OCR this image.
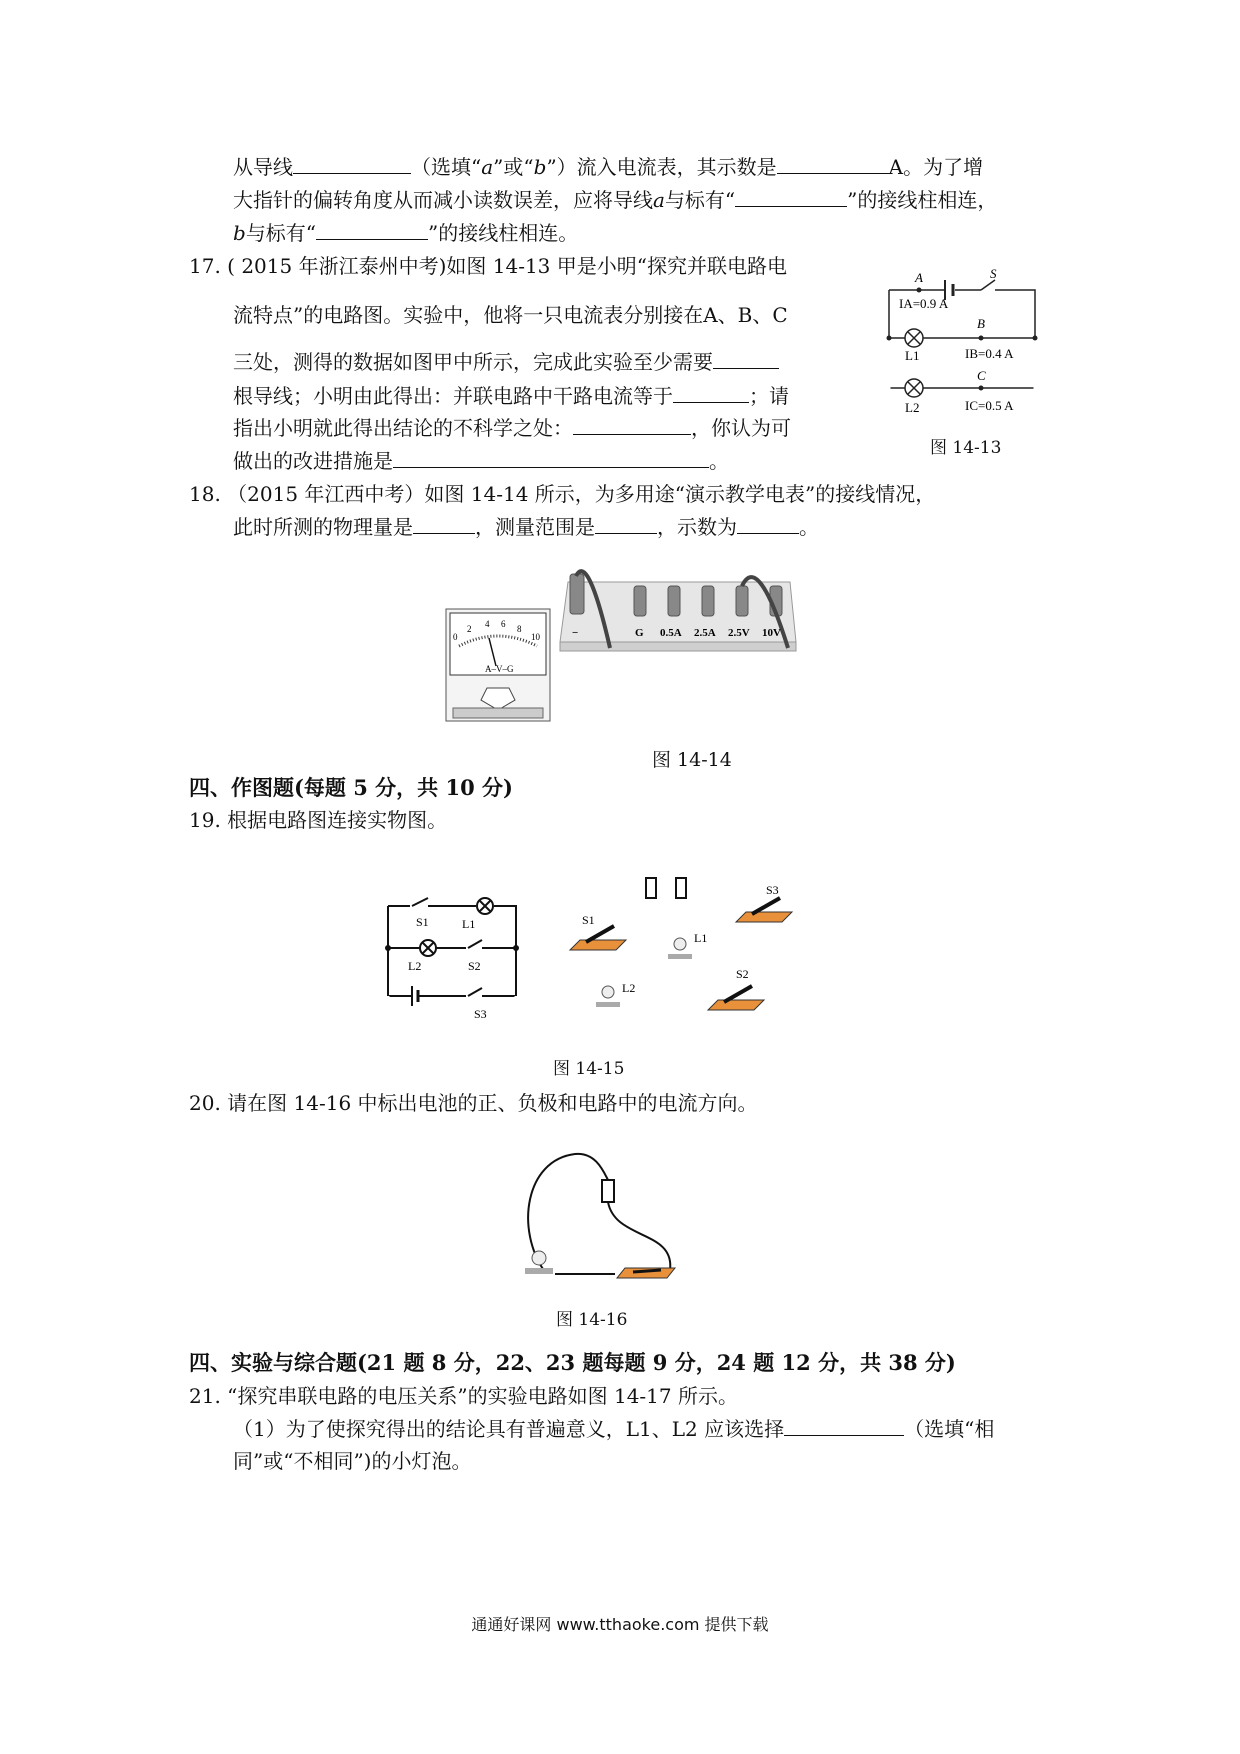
从导线	（选填“a”或“b”）流入电流表，其示数是	A。为了增
大指针的偏转角度从而减小读数误差，应将导线a与标有“	”的接线柱相连，
b与标有“	”的接线柱相连。
17. ( 2015 年浙江泰州中考)如图 14-13 甲是小明“探究并联电路电
流特点”的电路图。实验中，他将一只电流表分别接在A、B、C
三处，测得的数据如图甲中所示，完成此实验至少需要
根导线；小明由此得出：并联电路中干路电流等于	；请
指出小明就此得出结论的不科学之处：	，你认为可
做出的改进措施是	。
A	S
IA=0.9 A
B
IB=0.4 A
L1
C
IC=0.5 A
L2
图 14-13
18. （2015 年江西中考）如图 14-14 所示，为多用途“演示教学电表”的接线情况，
此时所测的物理量是	，测量范围是	，示数为	。
0
2 4 6 8
10
A–V–G
−	G 0.5A 2.5A 2.5V 10V
图 14-14
四、作图题(每题 5 分，共 10 分)
19. 根据电路图连接实物图。
S1	L1
L2	S2
S3
S1
S3
L1
L2
S2
图 14-15
20. 请在图 14-16 中标出电池的正、负极和电路中的电流方向。
图 14-16
四、实验与综合题(21 题 8 分，22、23 题每题 9 分，24 题 12 分，共 38 分)
21. “探究串联电路的电压关系”的实验电路如图 14-17 所示。
（1）为了使探究得出的结论具有普遍意义，L1、L2 应该选择	（选填“相
同”或“不相同”)的小灯泡。
通通好课网 www.tthaoke.com 提供下载
